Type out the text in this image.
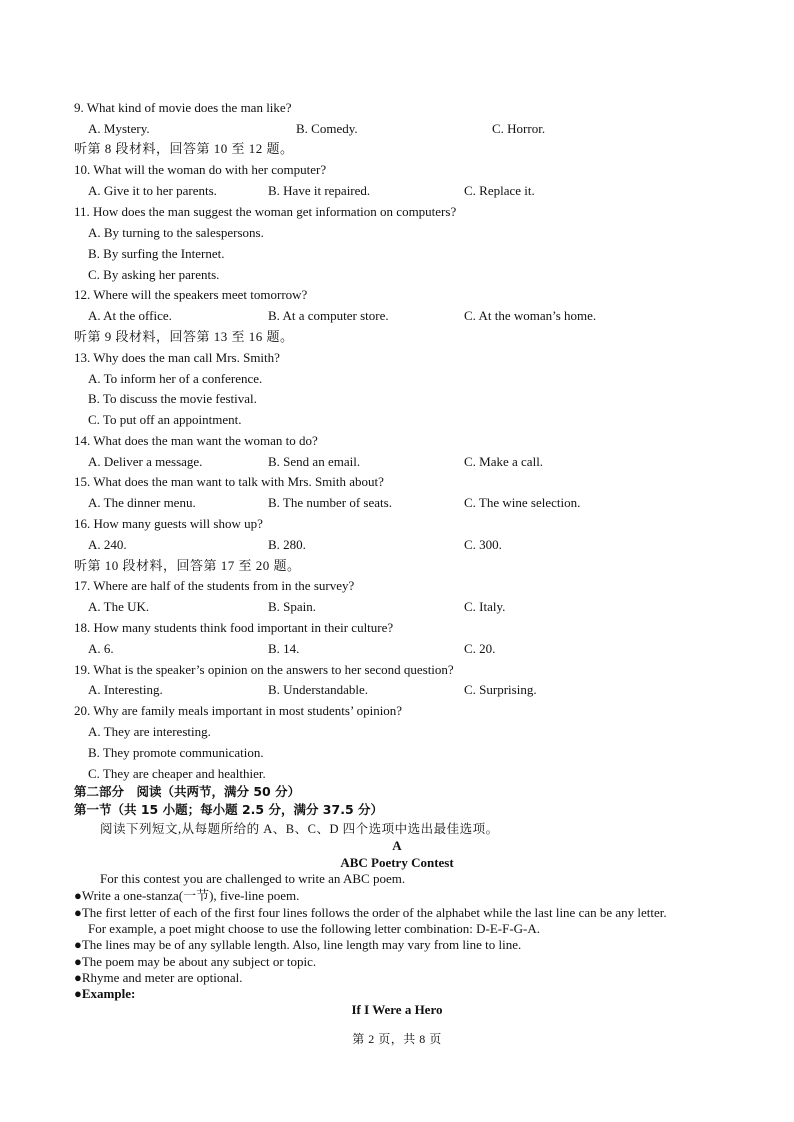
9. What kind of movie does the man like?
A. Mystery.	B. Comedy.	C. Horror.
听第 8 段材料，回答第 10 至 12 题。
10. What will the woman do with her computer?
A. Give it to her parents.	B. Have it repaired.	C. Replace it.
11. How does the man suggest the woman get information on computers?
A. By turning to the salespersons.
B. By surfing the Internet.
C. By asking her parents.
12. Where will the speakers meet tomorrow?
A. At the office.	B. At a computer store.	C. At the woman’s home.
听第 9 段材料，回答第 13 至 16 题。
13. Why does the man call Mrs. Smith?
A. To inform her of a conference.
B. To discuss the movie festival.
C. To put off an appointment.
14. What does the man want the woman to do?
A. Deliver a message.	B. Send an email.	C. Make a call.
15. What does the man want to talk with Mrs. Smith about?
A. The dinner menu.	B. The number of seats.	C. The wine selection.
16. How many guests will show up?
A. 240.	B. 280.	C. 300.
听第 10 段材料，回答第 17 至 20 题。
17. Where are half of the students from in the survey?
A. The UK.	B. Spain.	C. Italy.
18. How many students think food important in their culture?
A. 6.	B. 14.	C. 20.
19. What is the speaker’s opinion on the answers to her second question?
A. Interesting.	B. Understandable.	C. Surprising.
20. Why are family meals important in most students’ opinion?
A. They are interesting.
B. They promote communication.
C. They are cheaper and healthier.
第二部分　阅读（共两节，满分 50 分）
第一节（共 15 小题；每小题 2.5 分，满分 37.5 分）
阅读下列短文,从每题所给的 A、B、C、D 四个选项中选出最佳选项。
A
ABC Poetry Contest
For this contest you are challenged to write an ABC poem.
●Write a one-stanza(一节), five-line poem.
●The first letter of each of the first four lines follows the order of the alphabet while the last line can be any letter.
For example, a poet might choose to use the following letter combination: D-E-F-G-A.
●The lines may be of any syllable length. Also, line length may vary from line to line.
●The poem may be about any subject or topic.
●Rhyme and meter are optional.
●Example:
If I Were a Hero
第 2 页，共 8 页
